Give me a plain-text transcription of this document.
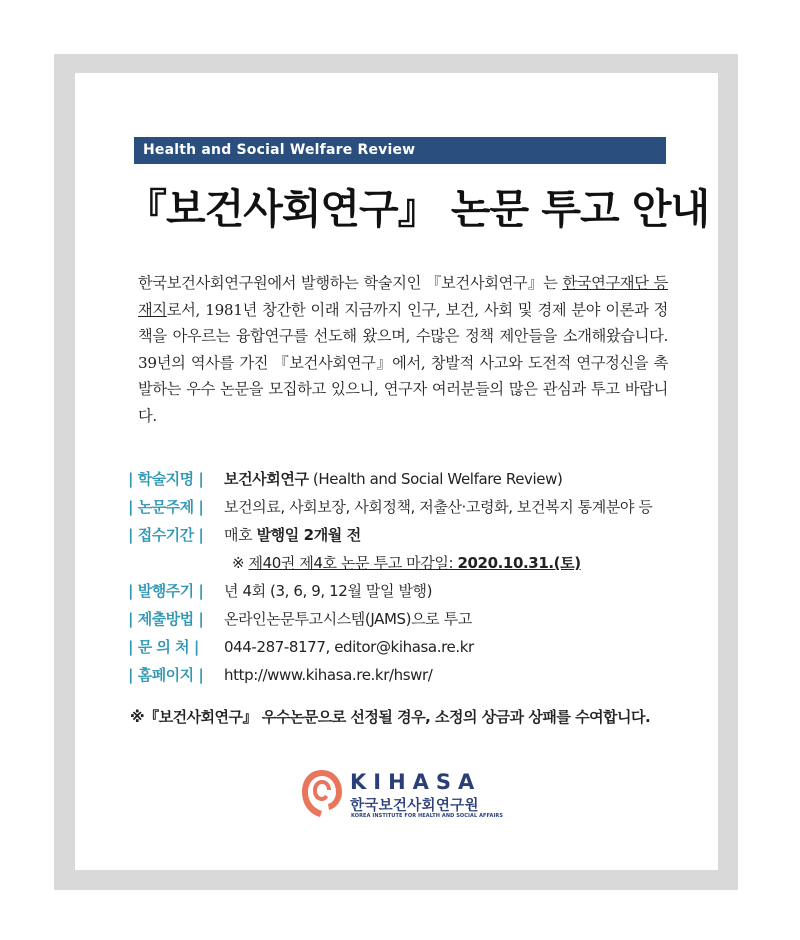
Health and Social Welfare Review
『보건사회연구』 논문 투고 안내
한국보건사회연구원에서 발행하는 학술지인 『보건사회연구』는 한국연구재단 등재지로서, 1981년 창간한 이래 지금까지 인구, 보건, 사회 및 경제 분야 이론과 정책을 아우르는 융합연구를 선도해 왔으며, 수많은 정책 제안들을 소개해왔습니다. 39년의 역사를 가진 『보건사회연구』에서, 창발적 사고와 도전적 연구정신을 촉발하는 우수 논문을 모집하고 있으니, 연구자 여러분들의 많은 관심과 투고 바랍니다.
| 학술지명 |	보건사회연구 (Health and Social Welfare Review)
| 논문주제 |	보건의료, 사회보장, 사회정책, 저출산·고령화, 보건복지 통계분야 등
| 접수기간 |	매호 발행일 2개월 전
※ 제40권 제4호 논문 투고 마감일: 2020.10.31.(토)
| 발행주기 |	년 4회 (3, 6, 9, 12월 말일 발행)
| 제출방법 |	온라인논문투고시스템(JAMS)으로 투고
| 문 의 처 |	044-287-8177, editor@kihasa.re.kr
| 홈페이지 |	http://www.kihasa.re.kr/hswr/
※『보건사회연구』 우수논문으로 선정될 경우, 소정의 상금과 상패를 수여합니다.
KIHASA
한국보건사회연구원
KOREA INSTITUTE FOR HEALTH AND SOCIAL AFFAIRS
